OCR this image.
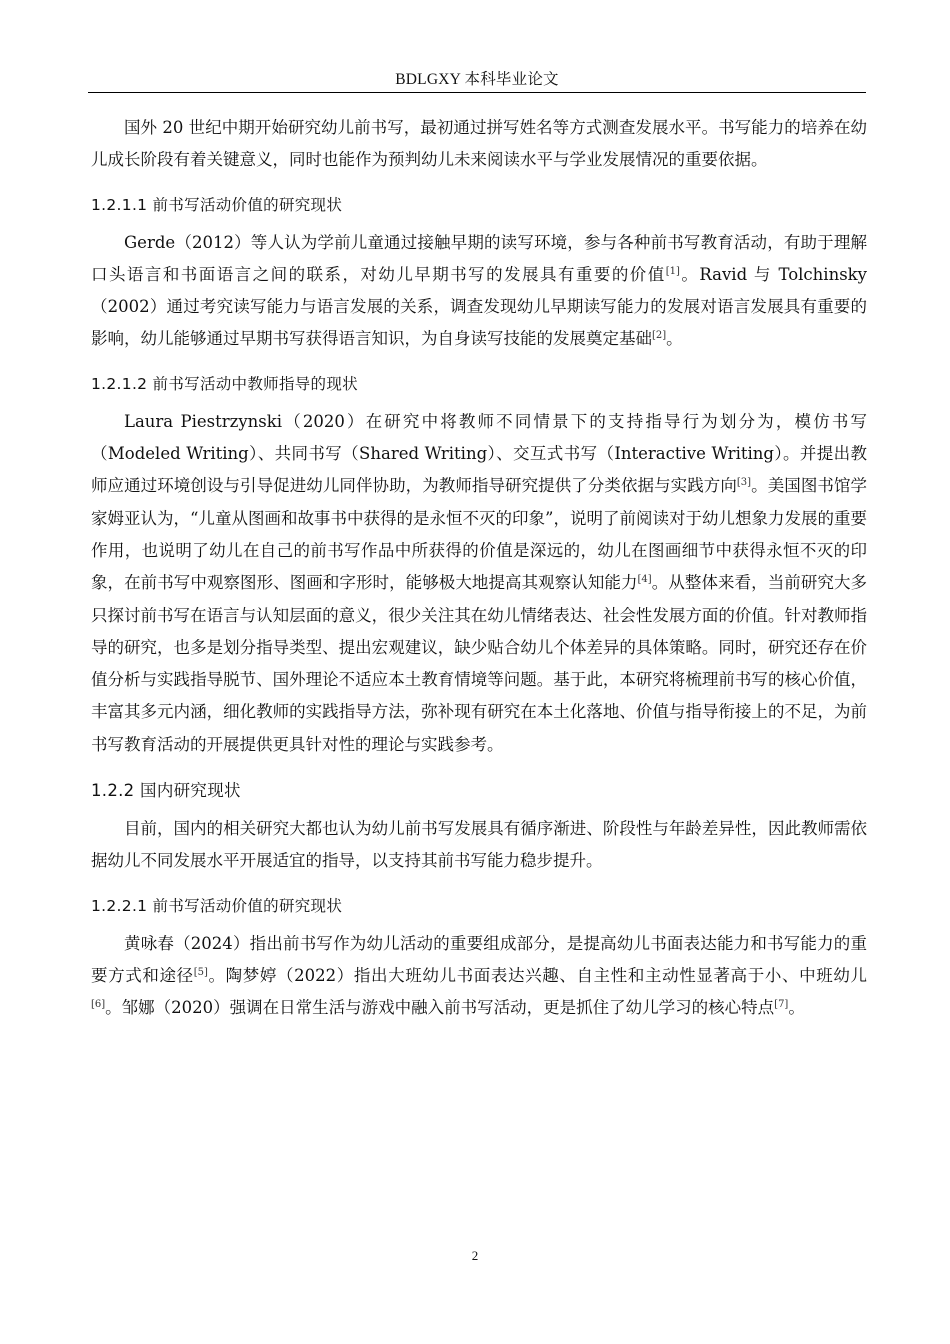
BDLGXY 本科毕业论文

国外 20 世纪中期开始研究幼儿前书写，最初通过拼写姓名等方式测查发展水平。书写能力的培养在幼儿成长阶段有着关键意义，同时也能作为预判幼儿未来阅读水平与学业发展情况的重要依据。

1.2.1.1 前书写活动价值的研究现状

Gerde（2012）等人认为学前儿童通过接触早期的读写环境，参与各种前书写教育活动，有助于理解口头语言和书面语言之间的联系，对幼儿早期书写的发展具有重要的价值[1]。Ravid 与 Tolchinsky（2002）通过考究读写能力与语言发展的关系，调查发现幼儿早期读写能力的发展对语言发展具有重要的影响，幼儿能够通过早期书写获得语言知识，为自身读写技能的发展奠定基础[2]。

1.2.1.2 前书写活动中教师指导的现状

Laura Piestrzynski（2020）在研究中将教师不同情景下的支持指导行为划分为，模仿书写（Modeled Writing）、共同书写（Shared Writing）、交互式书写（Interactive Writing）。并提出教师应通过环境创设与引导促进幼儿同伴协助，为教师指导研究提供了分类依据与实践方向[3]。美国图书馆学家姆亚认为，“儿童从图画和故事书中获得的是永恒不灭的印象”，说明了前阅读对于幼儿想象力发展的重要作用，也说明了幼儿在自己的前书写作品中所获得的价值是深远的，幼儿在图画细节中获得永恒不灭的印象，在前书写中观察图形、图画和字形时，能够极大地提高其观察认知能力[4]。从整体来看，当前研究大多只探讨前书写在语言与认知层面的意义，很少关注其在幼儿情绪表达、社会性发展方面的价值。针对教师指导的研究，也多是划分指导类型、提出宏观建议，缺少贴合幼儿个体差异的具体策略。同时，研究还存在价值分析与实践指导脱节、国外理论不适应本土教育情境等问题。基于此，本研究将梳理前书写的核心价值，丰富其多元内涵，细化教师的实践指导方法，弥补现有研究在本土化落地、价值与指导衔接上的不足，为前书写教育活动的开展提供更具针对性的理论与实践参考。

1.2.2 国内研究现状

目前，国内的相关研究大都也认为幼儿前书写发展具有循序渐进、阶段性与年龄差异性，因此教师需依据幼儿不同发展水平开展适宜的指导，以支持其前书写能力稳步提升。

1.2.2.1 前书写活动价值的研究现状

黄咏春（2024）指出前书写作为幼儿活动的重要组成部分，是提高幼儿书面表达能力和书写能力的重要方式和途径[5]。陶梦婷（2022）指出大班幼儿书面表达兴趣、自主性和主动性显著高于小、中班幼儿[6]。邹娜（2020）强调在日常生活与游戏中融入前书写活动，更是抓住了幼儿学习的核心特点[7]。

2
